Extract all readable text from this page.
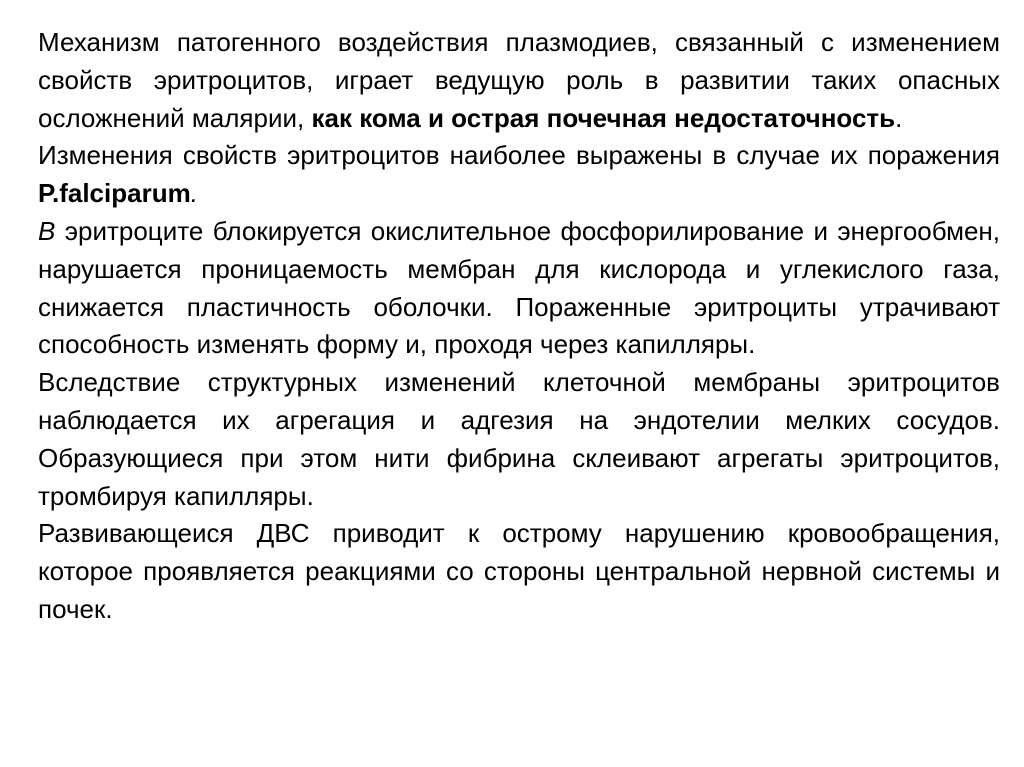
Механизм патогенного воздействия плазмодиев, связанный с изменением свойств эритроцитов, играет ведущую роль в развитии таких опасных осложнений малярии, как кома и острая почечная недостаточность.

Изменения свойств эритроцитов наиболее выражены в случае их поражения P.falciparum.

В эритроците блокируется окислительное фосфорилирование и энергообмен, нарушается проницаемость мембран для кислорода и углекислого газа, снижается пластичность оболочки. Пораженные эритроциты утрачивают способность изменять форму и, проходя через капилляры.

Вследствие структурных изменений клеточной мембраны эритроцитов наблюдается их агрегация и адгезия на эндотелии мелких сосудов. Образующиеся при этом нити фибрина склеивают агрегаты эритроцитов, тромбируя капилляры.

Развивающеися ДВС приводит к острому нарушению кровообращения, которое проявляется реакциями со стороны центральной нервной системы и почек.
